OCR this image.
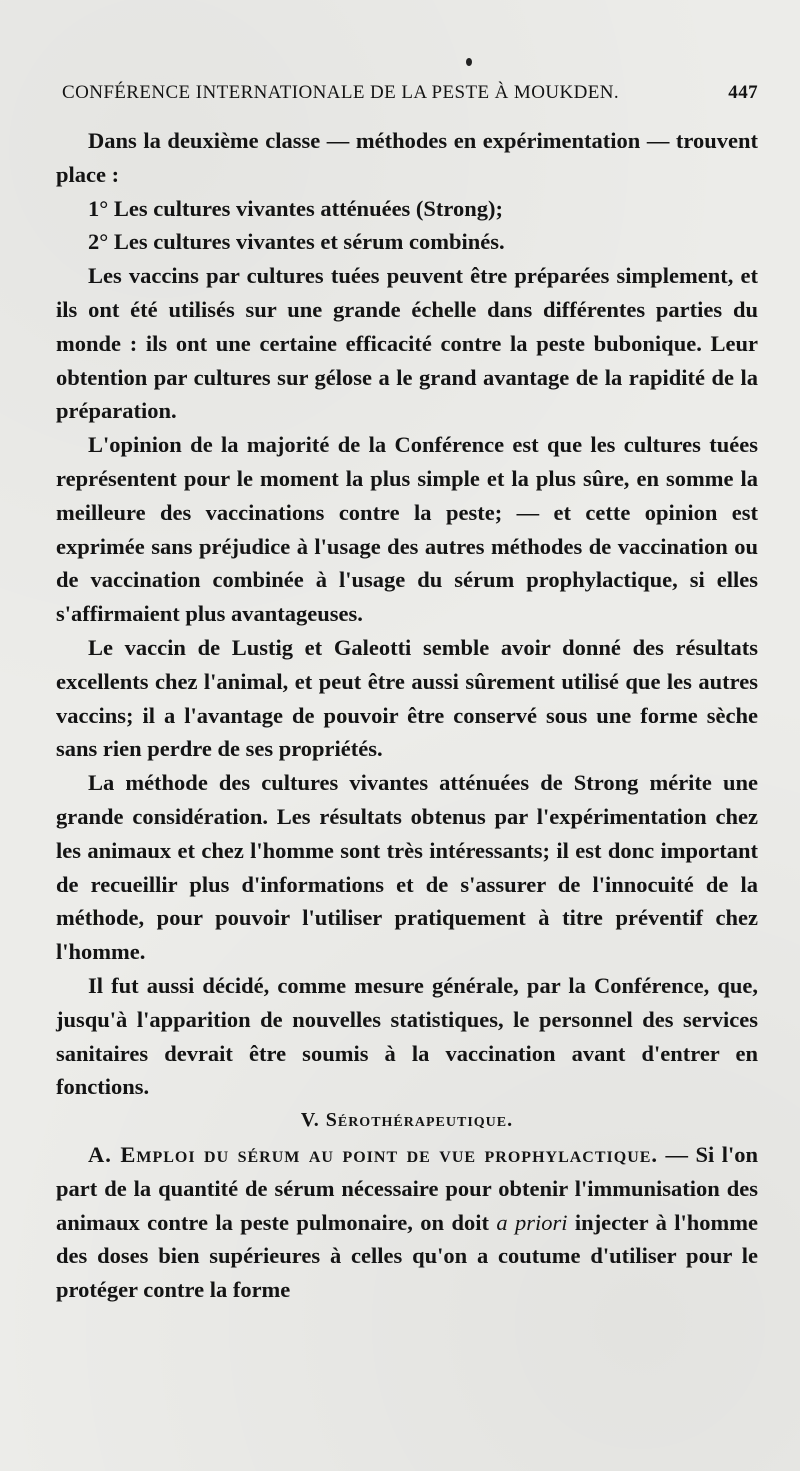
CONFÉRENCE INTERNATIONALE DE LA PESTE À MOUKDEN.	447

Dans la deuxième classe — méthodes en expérimentation — trouvent place :

1° Les cultures vivantes atténuées (Strong);

2° Les cultures vivantes et sérum combinés.

Les vaccins par cultures tuées peuvent être préparées simplement, et ils ont été utilisés sur une grande échelle dans différentes parties du monde : ils ont une certaine efficacité contre la peste bubonique. Leur obtention par cultures sur gélose a le grand avantage de la rapidité de la préparation.

L'opinion de la majorité de la Conférence est que les cultures tuées représentent pour le moment la plus simple et la plus sûre, en somme la meilleure des vaccinations contre la peste; — et cette opinion est exprimée sans préjudice à l'usage des autres méthodes de vaccination ou de vaccination combinée à l'usage du sérum prophylactique, si elles s'affirmaient plus avantageuses.

Le vaccin de Lustig et Galeotti semble avoir donné des résultats excellents chez l'animal, et peut être aussi sûrement utilisé que les autres vaccins; il a l'avantage de pouvoir être conservé sous une forme sèche sans rien perdre de ses propriétés.

La méthode des cultures vivantes atténuées de Strong mérite une grande considération. Les résultats obtenus par l'expérimentation chez les animaux et chez l'homme sont très intéressants; il est donc important de recueillir plus d'informations et de s'assurer de l'innocuité de la méthode, pour pouvoir l'utiliser pratiquement à titre préventif chez l'homme.

Il fut aussi décidé, comme mesure générale, par la Conférence, que, jusqu'à l'apparition de nouvelles statistiques, le personnel des services sanitaires devrait être soumis à la vaccination avant d'entrer en fonctions.

V. Sérothérapeutique.

A. Emploi du sérum au point de vue prophylactique. — Si l'on part de la quantité de sérum nécessaire pour obtenir l'immunisation des animaux contre la peste pulmonaire, on doit a priori injecter à l'homme des doses bien supérieures à celles qu'on a coutume d'utiliser pour le protéger contre la forme
